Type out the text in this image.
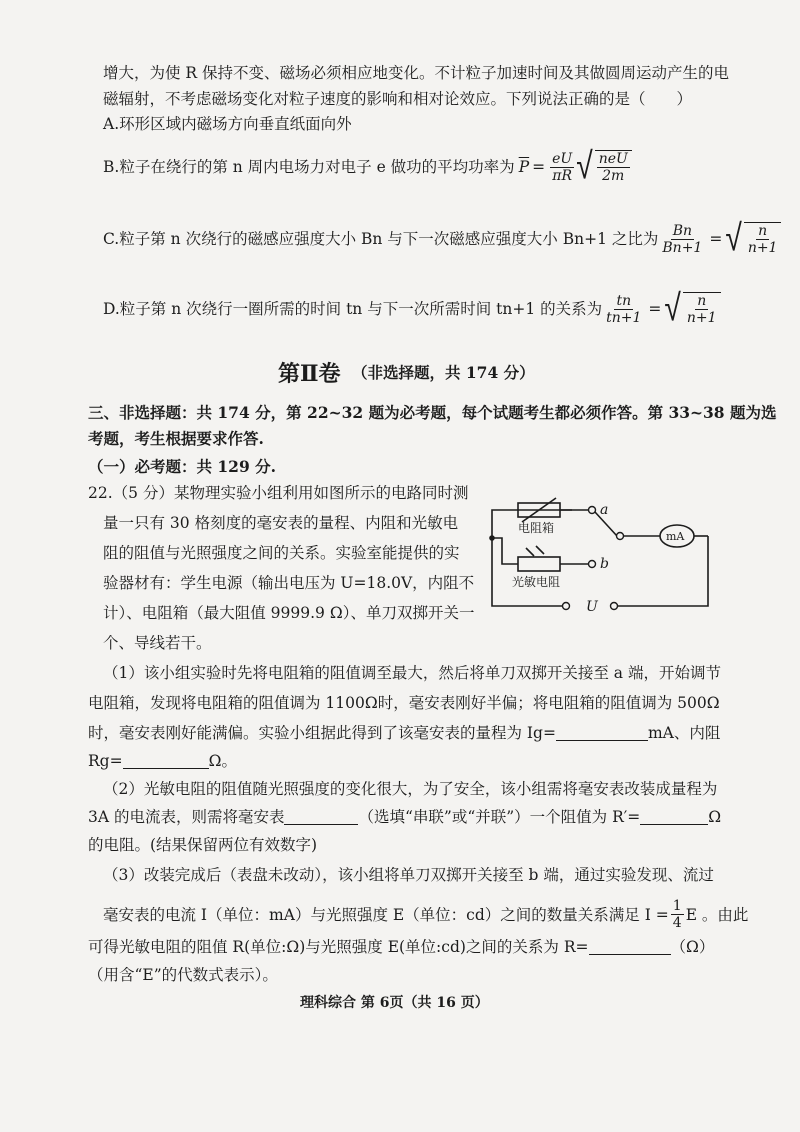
增大，为使 R 保持不变、磁场必须相应地变化。不计粒子加速时间及其做圆周运动产生的电
磁辐射，不考虑磁场变化对粒子速度的影响和相对论效应。下列说法正确的是（　　）
A.环形区域内磁场方向垂直纸面向外
B.粒子在绕行的第 n 周内电场力对电子 e 做功的平均功率为 $\overline{P} = \frac{eU}{\pi R}$ √ $\frac{\text{neU}}{2m}$
C.粒子第 n 次绕行的磁感应强度大小 Bn 与下一次磁感应强度大小 Bn+1 之比为 $\frac{Bn}{Bn+1}$ = √ $\frac{n}{n+1}$
D.粒子第 n 次绕行一圈所需的时间 tn 与下一次所需时间 tn+1 的关系为 $\frac{tn}{tn+1}$ = √ $\frac{n}{n+1}$
第Ⅱ卷 （非选择题，共 174 分）
三、非选择题：共 174 分，第 22~32 题为必考题，每个试题考生都必须作答。第 33~38 题为选
考题，考生根据要求作答.
（一）必考题：共 129 分.
22.（5 分）某物理实验小组利用如图所示的电路同时测
量一只有 30 格刻度的毫安表的量程、内阻和光敏电
阻的阻值与光照强度之间的关系。实验室能提供的实
验器材有：学生电源（输出电压为 U=18.0V，内阻不
计）、电阻箱（最大阻值 9999.9 Ω）、单刀双掷开关一
个、导线若干。
电阻箱
光敏电阻
a
b
U
mA
（1）该小组实验时先将电阻箱的阻值调至最大，然后将单刀双掷开关接至 a 端，开始调节
电阻箱，发现将电阻箱的阻值调为 1100Ω时，毫安表刚好半偏；将电阻箱的阻值调为 500Ω
时，毫安表刚好能满偏。实验小组据此得到了该毫安表的量程为 Ig=	mA、内阻
Rg=	Ω。
（2）光敏电阻的阻值随光照强度的变化很大，为了安全，该小组需将毫安表改装成量程为
3A 的电流表，则需将毫安表	（选填“串联”或“并联”）一个阻值为 R′=	Ω
的电阻。(结果保留两位有效数字)
（3）改装完成后（表盘未改动），该小组将单刀双掷开关接至 b 端，通过实验发现、流过
毫安表的电流 I（单位：mA）与光照强度 E（单位：cd）之间的数量关系满足 $I = \frac{1}{4}$ E 。由此
可得光敏电阻的阻值 R(单位:Ω)与光照强度 E(单位:cd)之间的关系为 R=	（Ω）
（用含“E”的代数式表示）。
理科综合 第 6页（共 16 页）
